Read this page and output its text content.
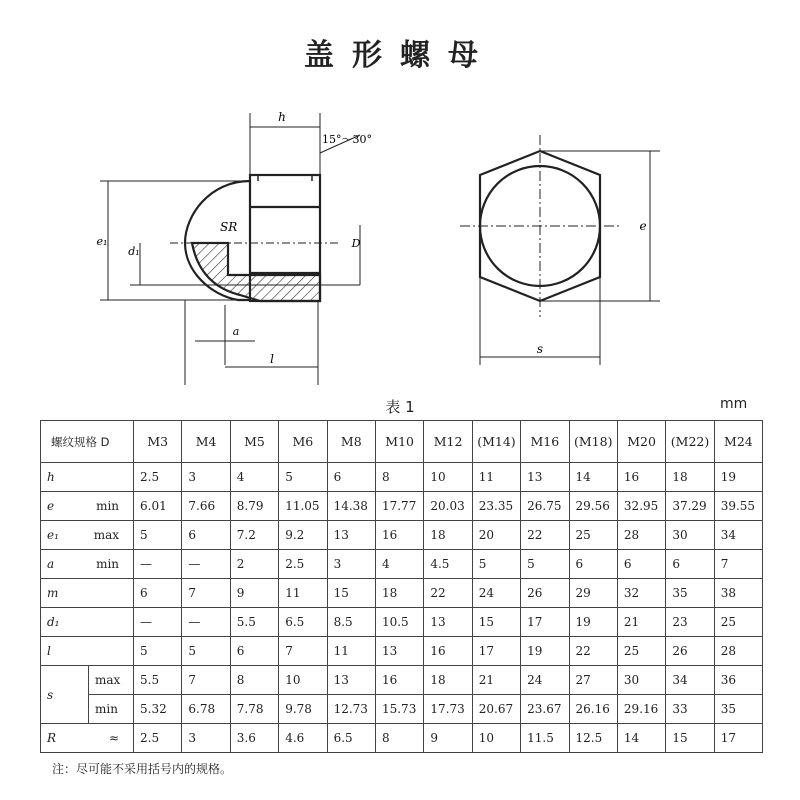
盖形螺母
h
15°～30°
e₁
d₁
SR
D
a
l
e
s
表 1	mm
螺纹规格 D		M3	M4	M5	M6	M8	M10	M12	(M14)	M16	(M18)	M20	(M22)	M24

h		2.5	3	4	5	6	8	10	11	13	14	16	18	19

e min		6.01	7.66	8.79	11.05	14.38	17.77	20.03	23.35	26.75	29.56	32.95	37.29	39.55

e₁ max		5	6	7.2	9.2	13	16	18	20	22	25	28	30	34

a min		—	—	2	2.5	3	4	4.5	5	5	6	6	6	7

m		6	7	9	11	15	18	22	24	26	29	32	35	38

d₁		—	—	5.5	6.5	8.5	10.5	13	15	17	19	21	23	25

l		5	5	6	7	11	13	16	17	19	22	25	26	28
s	max	5.5	7	8	10	13	16	18	21	24	27	30	34	36
	min	5.32	6.78	7.78	9.78	12.73	15.73	17.73	20.67	23.67	26.16	29.16	33	35

R ≈		2.5	3	3.6	4.6	6.5	8	9	10	11.5	12.5	14	15	17
注：尽可能不采用括号内的规格。
